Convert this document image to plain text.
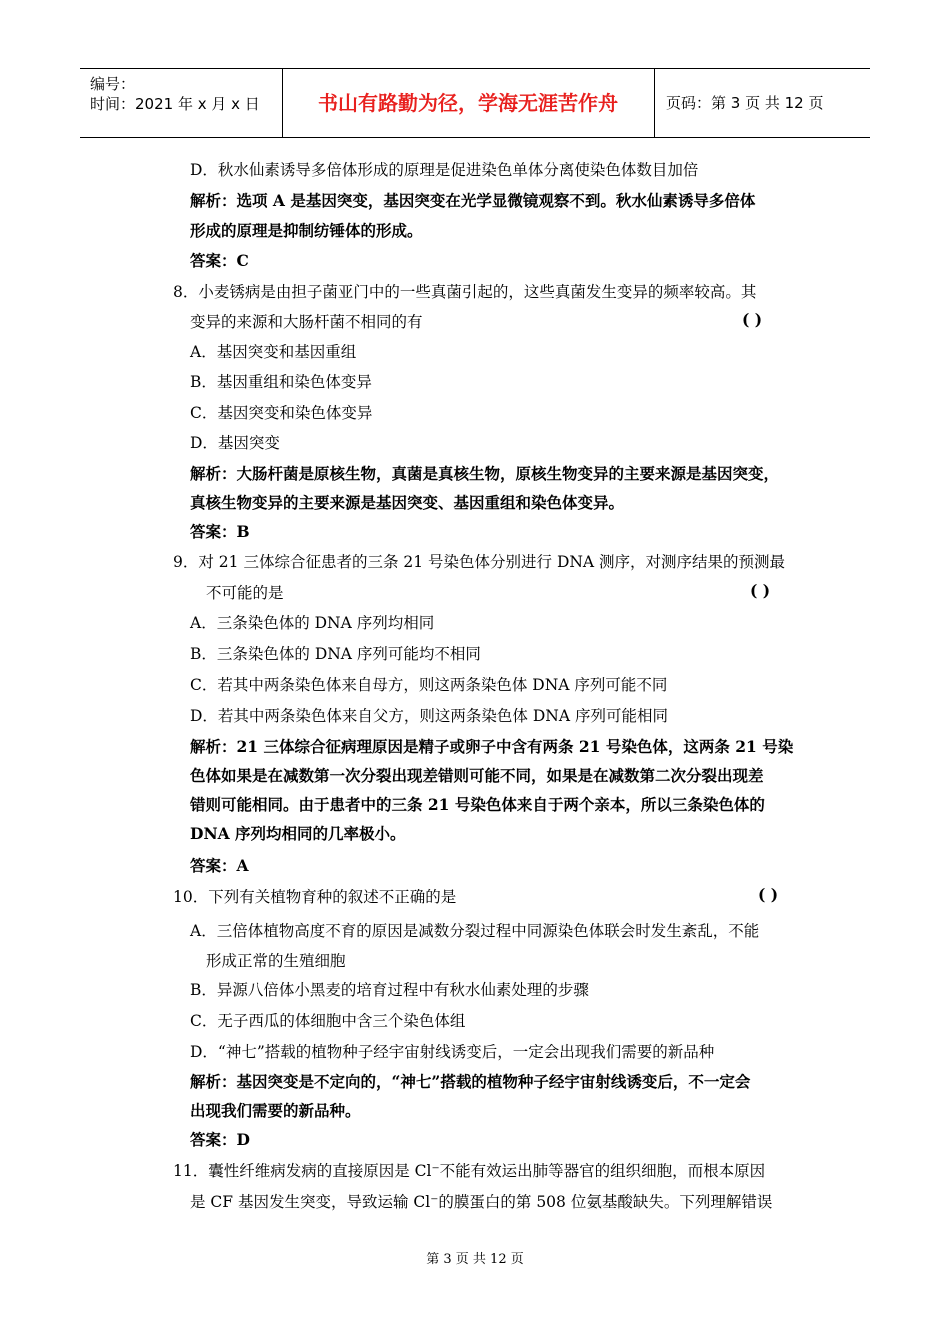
编号：
时间：2021 年 x 月 x 日	书山有路勤为径，学海无涯苦作舟	页码：第 3 页 共 12 页
D．秋水仙素诱导多倍体形成的原理是促进染色单体分离使染色体数目加倍
解析：选项 A 是基因突变，基因突变在光学显微镜观察不到。秋水仙素诱导多倍体
形成的原理是抑制纺锤体的形成。
答案：C
8．小麦锈病是由担子菌亚门中的一些真菌引起的，这些真菌发生变异的频率较高。其
变异的来源和大肠杆菌不相同的有	( )
A．基因突变和基因重组
B．基因重组和染色体变异
C．基因突变和染色体变异
D．基因突变
解析：大肠杆菌是原核生物，真菌是真核生物，原核生物变异的主要来源是基因突变，
真核生物变异的主要来源是基因突变、基因重组和染色体变异。
答案：B
9．对 21 三体综合征患者的三条 21 号染色体分别进行 DNA 测序，对测序结果的预测最
不可能的是	( )
A．三条染色体的 DNA 序列均相同
B．三条染色体的 DNA 序列可能均不相同
C．若其中两条染色体来自母方，则这两条染色体 DNA 序列可能不同
D．若其中两条染色体来自父方，则这两条染色体 DNA 序列可能相同
解析：21 三体综合征病理原因是精子或卵子中含有两条 21 号染色体，这两条 21 号染
色体如果是在减数第一次分裂出现差错则可能不同，如果是在减数第二次分裂出现差
错则可能相同。由于患者中的三条 21 号染色体来自于两个亲本，所以三条染色体的
DNA 序列均相同的几率极小。
答案：A
10．下列有关植物育种的叙述不正确的是	( )
A．三倍体植物高度不育的原因是减数分裂过程中同源染色体联会时发生紊乱，不能
形成正常的生殖细胞
B．异源八倍体小黑麦的培育过程中有秋水仙素处理的步骤
C．无子西瓜的体细胞中含三个染色体组
D．“神七”搭载的植物种子经宇宙射线诱变后，一定会出现我们需要的新品种
解析：基因突变是不定向的，“神七”搭载的植物种子经宇宙射线诱变后，不一定会
出现我们需要的新品种。
答案：D
11．囊性纤维病发病的直接原因是 Cl⁻不能有效运出肺等器官的组织细胞，而根本原因
是 CF 基因发生突变，导致运输 Cl⁻的膜蛋白的第 508 位氨基酸缺失。下列理解错误
第 3 页 共 12 页
